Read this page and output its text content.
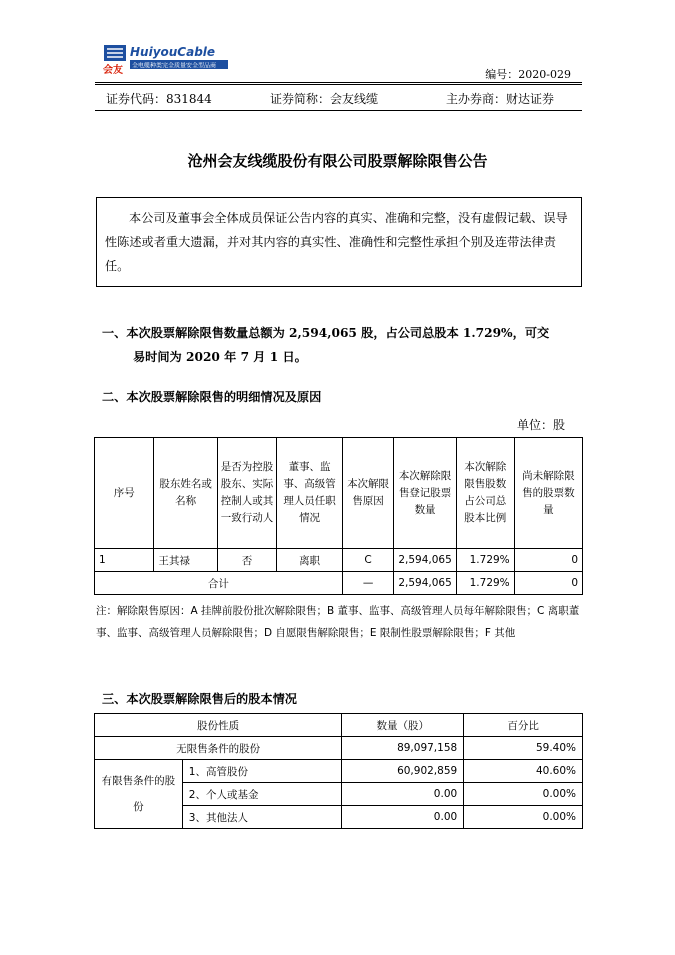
会友
HuiyouCable
全电缆种类完全质量安全型品商
编号：2020-029
证券代码：831844	证券简称：会友线缆	主办券商：财达证券
沧州会友线缆股份有限公司股票解除限售公告
本公司及董事会全体成员保证公告内容的真实、准确和完整，没有虚假记载、误导性陈述或者重大遗漏，并对其内容的真实性、准确性和完整性承担个别及连带法律责任。
一、本次股票解除限售数量总额为 2,594,065 股，占公司总股本 1.729%，可交
易时间为 2020 年 7 月 1 日。
二、本次股票解除限售的明细情况及原因
单位：股
序号	股东姓名或名称	是否为控股股东、实际控制人或其一致行动人	董事、监事、高级管理人员任职情况	本次解限售原因	本次解除限售登记股票数量	本次解除限售股数占公司总股本比例	尚未解除限售的股票数量
1	王其禄	否	离职	C	2,594,065	1.729%	0
合计				—	2,594,065	1.729%	0
注：解除限售原因：A 挂牌前股份批次解除限售；B 董事、监事、高级管理人员每年解除限售；C 离职董事、监事、高级管理人员解除限售；D 自愿限售解除限售；E 限制性股票解除限售；F 其他
三、本次股票解除限售后的股本情况
股份性质		数量（股）	百分比
无限售条件的股份		89,097,158	59.40%
有限售条件的股份	1、高管股份	60,902,859	40.60%
	2、个人或基金	0.00	0.00%
	3、其他法人	0.00	0.00%
